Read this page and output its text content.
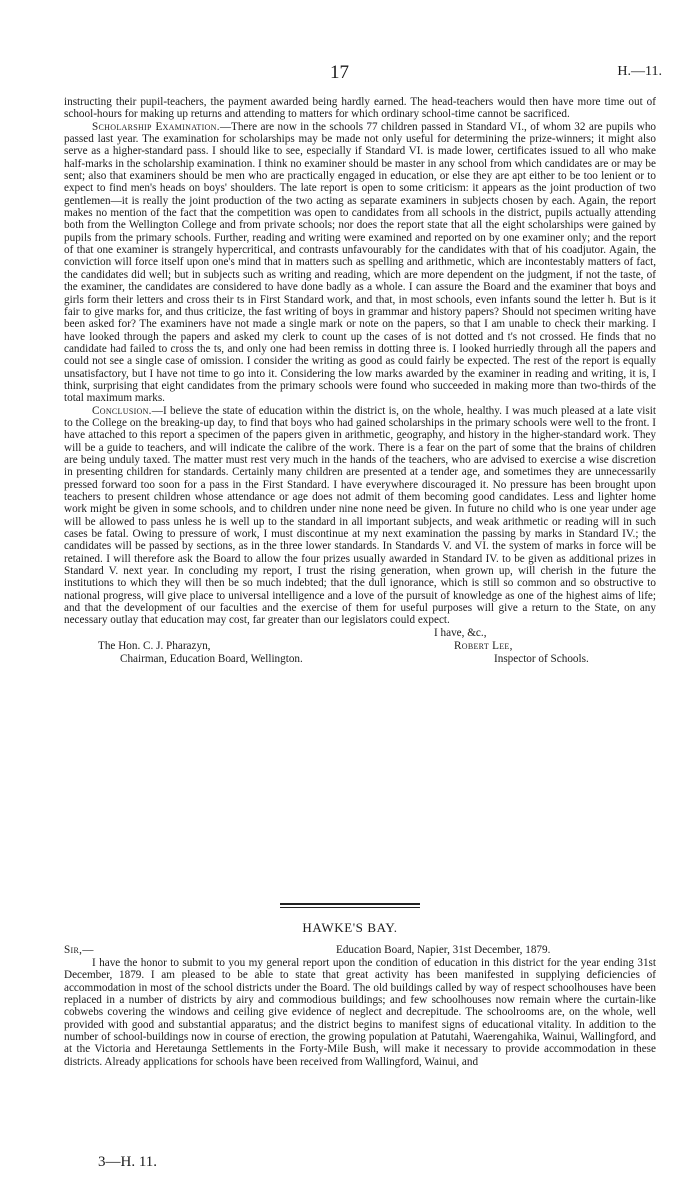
17	H.—11.

instructing their pupil-teachers, the payment awarded being hardly earned. The head-teachers would then have more time out of school-hours for making up returns and attending to matters for which ordinary school-time cannot be sacrificed.

Scholarship Examination.—There are now in the schools 77 children passed in Standard VI., of whom 32 are pupils who passed last year. The examination for scholarships may be made not only useful for determining the prize-winners; it might also serve as a higher-standard pass. I should like to see, especially if Standard VI. is made lower, certificates issued to all who make half-marks in the scholarship examination. I think no examiner should be master in any school from which candidates are or may be sent; also that examiners should be men who are practically engaged in education, or else they are apt either to be too lenient or to expect to find men's heads on boys' shoulders. The late report is open to some criticism: it appears as the joint production of two gentlemen—it is really the joint production of the two acting as separate examiners in subjects chosen by each. Again, the report makes no mention of the fact that the competition was open to candidates from all schools in the district, pupils actually attending both from the Wellington College and from private schools; nor does the report state that all the eight scholarships were gained by pupils from the primary schools. Further, reading and writing were examined and reported on by one examiner only; and the report of that one examiner is strangely hypercritical, and contrasts unfavourably for the candidates with that of his coadjutor. Again, the conviction will force itself upon one's mind that in matters such as spelling and arithmetic, which are incontestably matters of fact, the candidates did well; but in subjects such as writing and reading, which are more dependent on the judgment, if not the taste, of the examiner, the candidates are considered to have done badly as a whole. I can assure the Board and the examiner that boys and girls form their letters and cross their ts in First Standard work, and that, in most schools, even infants sound the letter h. But is it fair to give marks for, and thus criticize, the fast writing of boys in grammar and history papers? Should not specimen writing have been asked for? The examiners have not made a single mark or note on the papers, so that I am unable to check their marking. I have looked through the papers and asked my clerk to count up the cases of is not dotted and t's not crossed. He finds that no candidate had failed to cross the ts, and only one had been remiss in dotting three is. I looked hurriedly through all the papers and could not see a single case of omission. I consider the writing as good as could fairly be expected. The rest of the report is equally unsatisfactory, but I have not time to go into it. Considering the low marks awarded by the examiner in reading and writing, it is, I think, surprising that eight candidates from the primary schools were found who succeeded in making more than two-thirds of the total maximum marks.

Conclusion.—I believe the state of education within the district is, on the whole, healthy. I was much pleased at a late visit to the College on the breaking-up day, to find that boys who had gained scholarships in the primary schools were well to the front. I have attached to this report a specimen of the papers given in arithmetic, geography, and history in the higher-standard work. They will be a guide to teachers, and will indicate the calibre of the work. There is a fear on the part of some that the brains of children are being unduly taxed. The matter must rest very much in the hands of the teachers, who are advised to exercise a wise discretion in presenting children for standards. Certainly many children are presented at a tender age, and sometimes they are unnecessarily pressed forward too soon for a pass in the First Standard. I have everywhere discouraged it. No pressure has been brought upon teachers to present children whose attendance or age does not admit of them becoming good candidates. Less and lighter home work might be given in some schools, and to children under nine none need be given. In future no child who is one year under age will be allowed to pass unless he is well up to the standard in all important subjects, and weak arithmetic or reading will in such cases be fatal. Owing to pressure of work, I must discontinue at my next examination the passing by marks in Standard IV.; the candidates will be passed by sections, as in the three lower standards. In Standards V. and VI. the system of marks in force will be retained. I will therefore ask the Board to allow the four prizes usually awarded in Standard IV. to be given as additional prizes in Standard V. next year. In concluding my report, I trust the rising generation, when grown up, will cherish in the future the institutions to which they will then be so much indebted; that the dull ignorance, which is still so common and so obstructive to national progress, will give place to universal intelligence and a love of the pursuit of knowledge as one of the highest aims of life; and that the development of our faculties and the exercise of them for useful purposes will give a return to the State, on any necessary outlay that education may cost, far greater than our legislators could expect.

I have, &c.,
The Hon. C. J. Pharazyn,	Robert Lee,
Chairman, Education Board, Wellington.	Inspector of Schools.
HAWKE'S BAY.
Sir,—	Education Board, Napier, 31st December, 1879.

I have the honor to submit to you my general report upon the condition of education in this district for the year ending 31st December, 1879. I am pleased to be able to state that great activity has been manifested in supplying deficiencies of accommodation in most of the school districts under the Board. The old buildings called by way of respect schoolhouses have been replaced in a number of districts by airy and commodious buildings; and few schoolhouses now remain where the curtain-like cobwebs covering the windows and ceiling give evidence of neglect and decrepitude. The schoolrooms are, on the whole, well provided with good and substantial apparatus; and the district begins to manifest signs of educational vitality. In addition to the number of school-buildings now in course of erection, the growing population at Patutahi, Waerengahika, Wainui, Wallingford, and at the Victoria and Heretaunga Settlements in the Forty-Mile Bush, will make it necessary to provide accommodation in these districts. Already applications for schools have been received from Wallingford, Wainui, and

3—H. 11.
